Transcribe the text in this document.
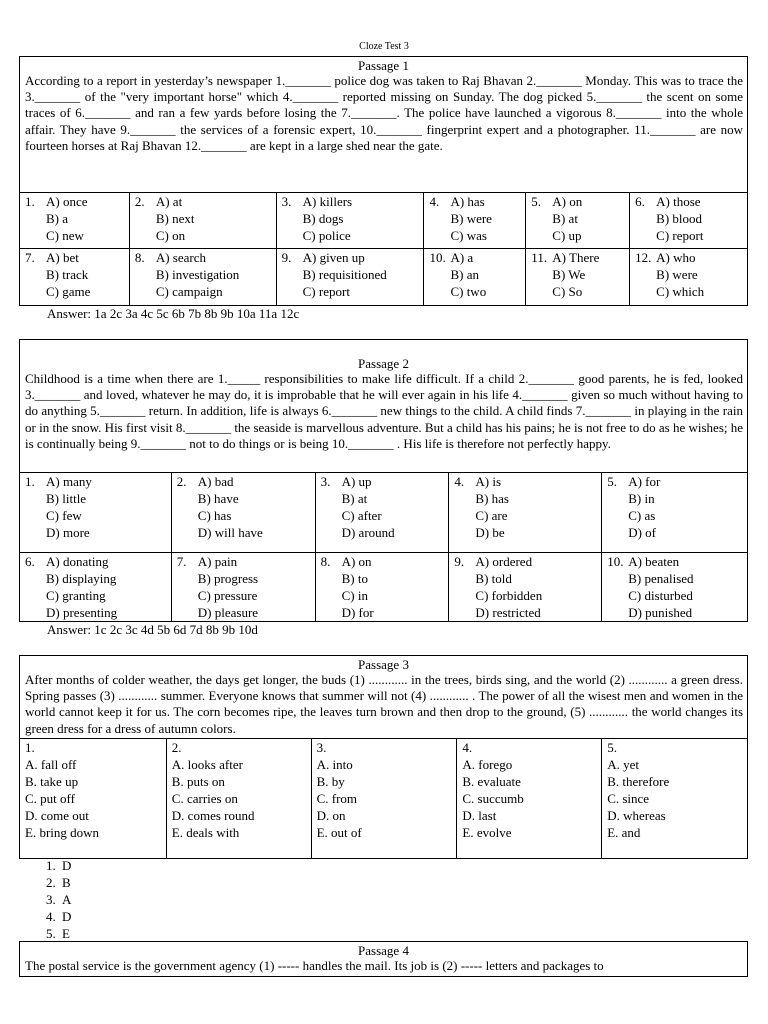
Cloze Test 3
Passage 1
According to a report in yesterday’s newspaper 1._______ police dog was taken to Raj Bhavan 2._______ Monday. This was to trace the 3._______ of the "very important horse" which 4._______ reported missing on Sunday. The dog picked 5._______ the scent on some traces of 6._______ and ran a few yards before losing the 7._______. The police have launched a vigorous 8._______ into the whole affair. They have 9._______ the services of a forensic expert, 10._______ fingerprint expert and a photographer. 11._______ are now fourteen horses at Raj Bhavan 12._______ are kept in a large shed near the gate.
1. A) once
B) a
C) new
2. A) at
B) next
C) on
3. A) killers
B) dogs
C) police
4. A) has
B) were
C) was
5. A) on
B) at
C) up
6. A) those
B) blood
C) report
7. A) bet
B) track
C) game
8. A) search
B) investigation
C) campaign
9. A) given up
B) requisitioned
C) report
10. A) a
B) an
C) two
11. A) There
B) We
C) So
12. A) who
B) were
C) which
Answer: 1a 2c 3a 4c 5c 6b 7b 8b 9b 10a 11a 12c
Passage 2
Childhood is a time when there are 1._____ responsibilities to make life difficult. If a child 2._______ good parents, he is fed, looked 3._______ and loved, whatever he may do, it is improbable that he will ever again in his life 4._______ given so much without having to do anything 5._______ return. In addition, life is always 6._______ new things to the child. A child finds 7._______ in playing in the rain or in the snow. His first visit 8._______ the seaside is marvellous adventure. But a child has his pains; he is not free to do as he wishes; he is continually being 9._______ not to do things or is being 10._______ . His life is therefore not perfectly happy.
1. A) many
B) little
C) few
D) more
2. A) bad
B) have
C) has
D) will have
3. A) up
B) at
C) after
D) around
4. A) is
B) has
C) are
D) be
5. A) for
B) in
C) as
D) of
6. A) donating
B) displaying
C) granting
D) presenting
7. A) pain
B) progress
C) pressure
D) pleasure
8. A) on
B) to
C) in
D) for
9. A) ordered
B) told
C) forbidden
D) restricted
10. A) beaten
B) penalised
C) disturbed
D) punished
Answer: 1c 2c 3c 4d 5b 6d 7d 8b 9b 10d
Passage 3
After months of colder weather, the days get longer, the buds (1) ............ in the trees, birds sing, and the world (2) ............ a green dress. Spring passes (3) ............ summer. Everyone knows that summer will not (4) ............ . The power of all the wisest men and women in the world cannot keep it for us. The corn becomes ripe, the leaves turn brown and then drop to the ground, (5) ............ the world changes its green dress for a dress of autumn colors.
1.
A. fall off
B. take up
C. put off
D. come out
E. bring down
2.
A. looks after
B. puts on
C. carries on
D. comes round
E. deals with
3.
A. into
B. by
C. from
D. on
E. out of
4.
A. forego
B. evaluate
C. succumb
D. last
E. evolve
5.
A. yet
B. therefore
C. since
D. whereas
E. and
1. D
2. B
3. A
4. D
5. E
Passage 4
The postal service is the government agency (1) ----- handles the mail. Its job is (2) ----- letters and packages to
